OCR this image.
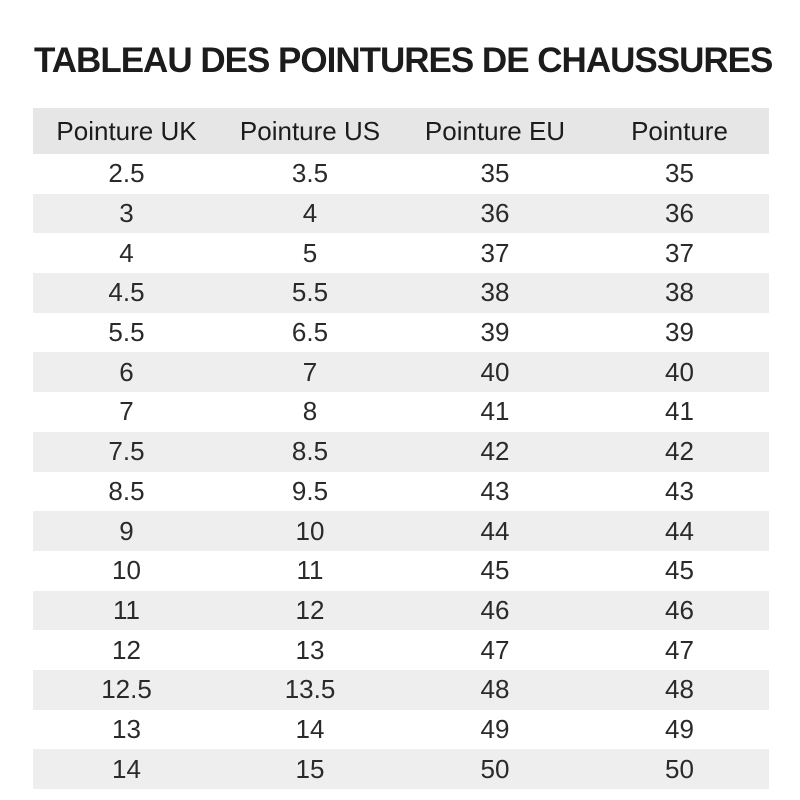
TABLEAU DES POINTURES DE CHAUSSURES
Pointure UK	Pointure US	Pointure EU	Pointure
2.5	3.5	35	35
3	4	36	36
4	5	37	37
4.5	5.5	38	38
5.5	6.5	39	39
6	7	40	40
7	8	41	41
7.5	8.5	42	42
8.5	9.5	43	43
9	10	44	44
10	11	45	45
11	12	46	46
12	13	47	47
12.5	13.5	48	48
13	14	49	49
14	15	50	50
